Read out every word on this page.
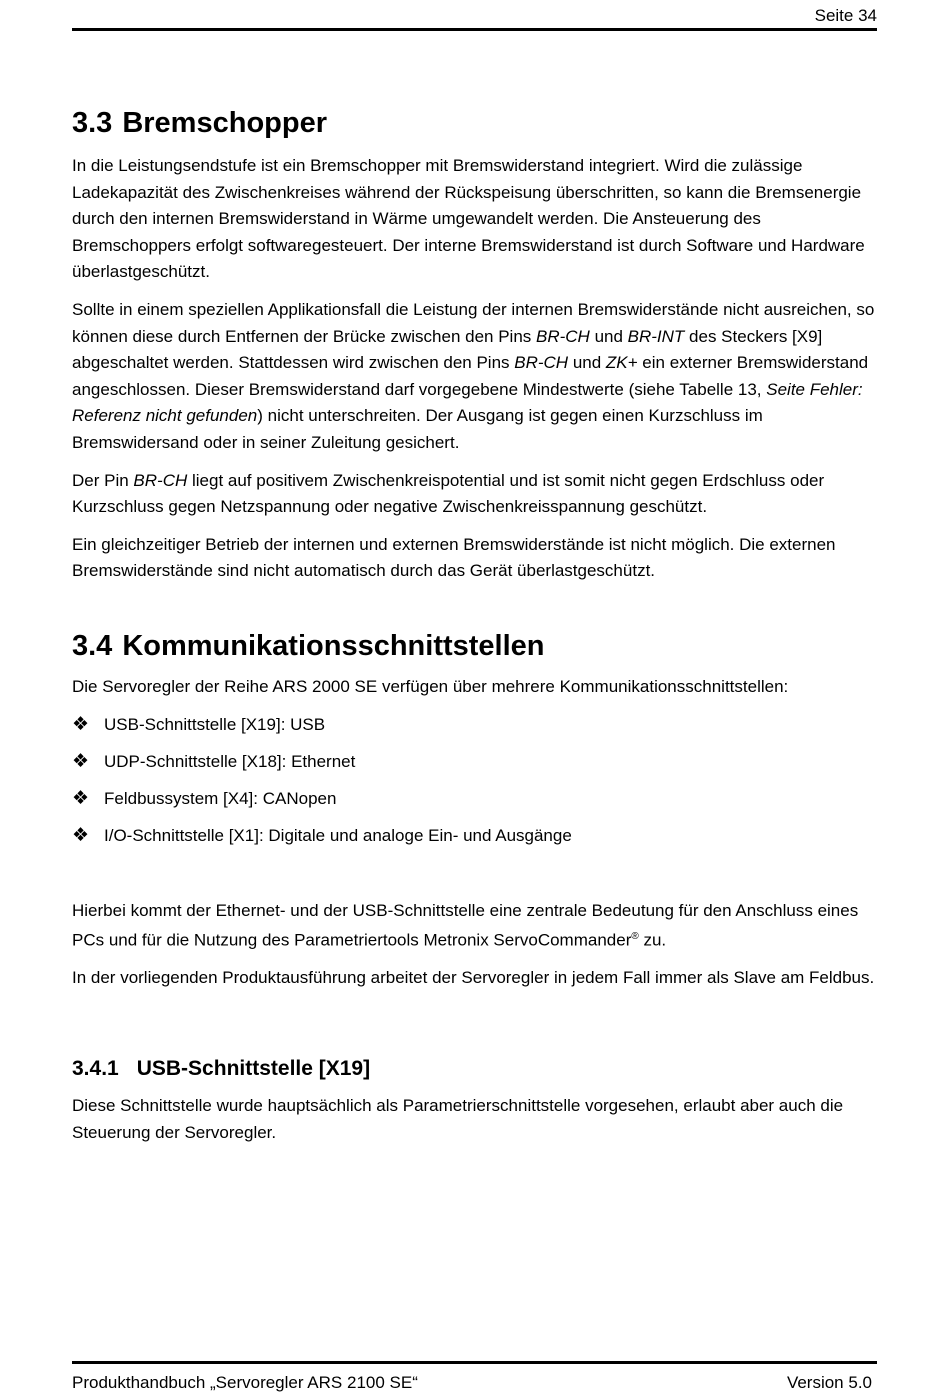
Seite 34
3.3 Bremschopper

In die Leistungsendstufe ist ein Bremschopper mit Bremswiderstand integriert. Wird die zulässige Ladekapazität des Zwischenkreises während der Rückspeisung überschritten, so kann die Bremsenergie durch den internen Bremswiderstand in Wärme umgewandelt werden. Die Ansteuerung des Bremschoppers erfolgt softwaregesteuert. Der interne Bremswiderstand ist durch Software und Hardware überlastgeschützt.

Sollte in einem speziellen Applikationsfall die Leistung der internen Bremswiderstände nicht ausreichen, so können diese durch Entfernen der Brücke zwischen den Pins BR-CH und BR-INT des Steckers [X9] abgeschaltet werden. Stattdessen wird zwischen den Pins BR-CH und ZK+ ein externer Bremswiderstand angeschlossen. Dieser Bremswiderstand darf vorgegebene Mindestwerte (siehe Tabelle 13, Seite Fehler: Referenz nicht gefunden) nicht unterschreiten. Der Ausgang ist gegen einen Kurzschluss im Bremswidersand oder in seiner Zuleitung gesichert.

Der Pin BR-CH liegt auf positivem Zwischenkreispotential und ist somit nicht gegen Erdschluss oder Kurzschluss gegen Netzspannung oder negative Zwischenkreisspannung geschützt.

Ein gleichzeitiger Betrieb der internen und externen Bremswiderstände ist nicht möglich. Die externen Bremswiderstände sind nicht automatisch durch das Gerät überlastgeschützt.

3.4 Kommunikationsschnittstellen

Die Servoregler der Reihe ARS 2000 SE verfügen über mehrere Kommunikationsschnittstellen:

❖ USB-Schnittstelle [X19]: USB
❖ UDP-Schnittstelle [X18]: Ethernet
❖ Feldbussystem [X4]: CANopen
❖ I/O-Schnittstelle [X1]: Digitale und analoge Ein- und Ausgänge

Hierbei kommt der Ethernet- und der USB-Schnittstelle eine zentrale Bedeutung für den Anschluss eines PCs und für die Nutzung des Parametriertools Metronix ServoCommander® zu.

In der vorliegenden Produktausführung arbeitet der Servoregler in jedem Fall immer als Slave am Feldbus.

3.4.1 USB-Schnittstelle [X19]

Diese Schnittstelle wurde hauptsächlich als Parametrierschnittstelle vorgesehen, erlaubt aber auch die Steuerung der Servoregler.

Produkthandbuch „Servoregler ARS 2100 SE“	Version 5.0
